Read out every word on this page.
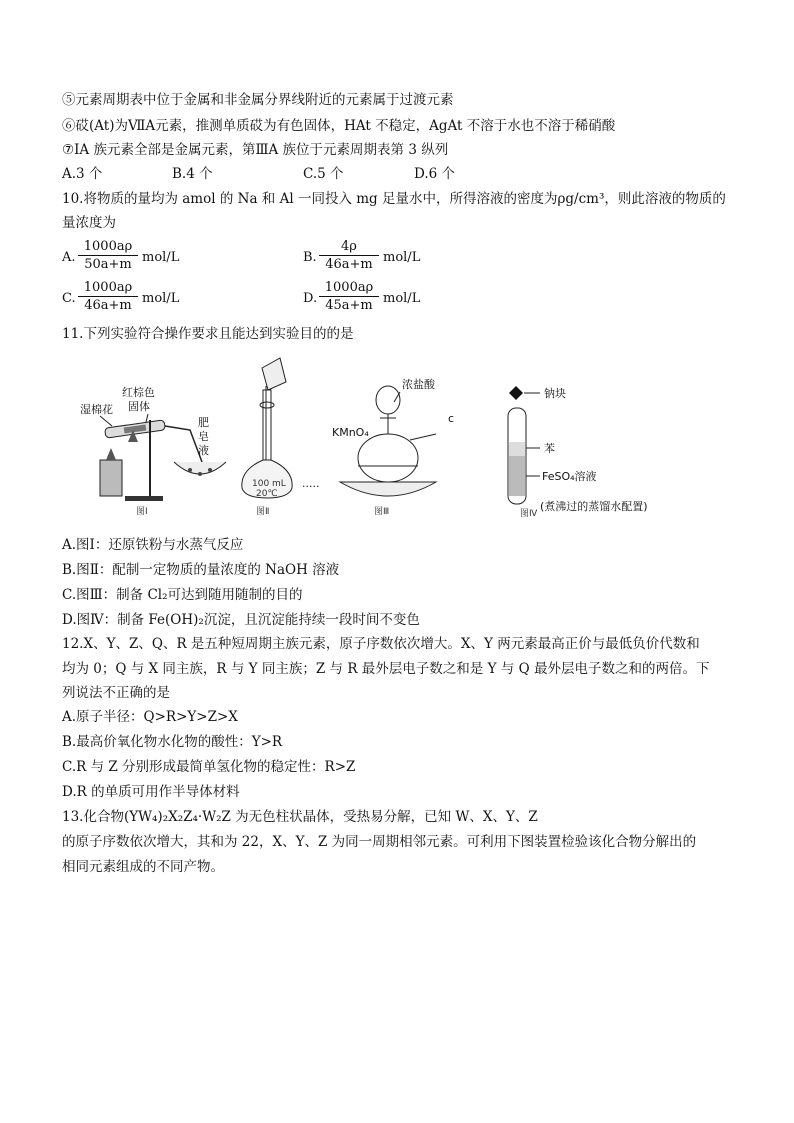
⑤元素周期表中位于金属和非金属分界线附近的元素属于过渡元素
⑥砹(At)为ⅦA元素，推测单质砹为有色固体，HAt 不稳定，AgAt 不溶于水也不溶于稀硝酸
⑦ⅠA 族元素全部是金属元素，第ⅢA 族位于元素周期表第 3 纵列
A.3 个	B.4 个	C.5 个	D.6 个
10.将物质的量均为 amol 的 Na 和 Al 一同投入 mg 足量水中，所得溶液的密度为ρg/cm³，则此溶液的物质的
量浓度为
A. $\frac{1000a\rho}{50a+m} mol/L$	B. $\frac{4\rho}{46a+m} mol/L$
C. $\frac{1000a\rho}{46a+m} mol/L$	D. $\frac{1000a\rho}{45a+m} mol/L$
11.下列实验符合操作要求且能达到实验目的的是
湿棉花
红棕色
固体
肥
皂
液
图Ⅰ
100 mL
20℃
图Ⅱ
·····
浓盐酸
KMnO₄
图Ⅲ
c
钠块
苯
FeSO₄溶液
(煮沸过的蒸馏水配置)
图Ⅳ
A.图Ⅰ：还原铁粉与水蒸气反应
B.图Ⅱ：配制一定物质的量浓度的 NaOH 溶液
C.图Ⅲ：制备 Cl₂可达到随用随制的目的
D.图Ⅳ：制备 Fe(OH)₂沉淀，且沉淀能持续一段时间不变色
12.X、Y、Z、Q、R 是五种短周期主族元素，原子序数依次增大。X、Y 两元素最高正价与最低负价代数和
均为 0；Q 与 X 同主族，R 与 Y 同主族；Z 与 R 最外层电子数之和是 Y 与 Q 最外层电子数之和的两倍。下
列说法不正确的是
A.原子半径：Q>R>Y>Z>X
B.最高价氧化物水化物的酸性：Y>R
C.R 与 Z 分别形成最简单氢化物的稳定性：R>Z
D.R 的单质可用作半导体材料
13.化合物(YW₄)₂X₂Z₄·W₂Z 为无色柱状晶体，受热易分解，已知 W、X、Y、Z
的原子序数依次增大，其和为 22，X、Y、Z 为同一周期相邻元素。可利用下图装置检验该化合物分解出的
相同元素组成的不同产物。
